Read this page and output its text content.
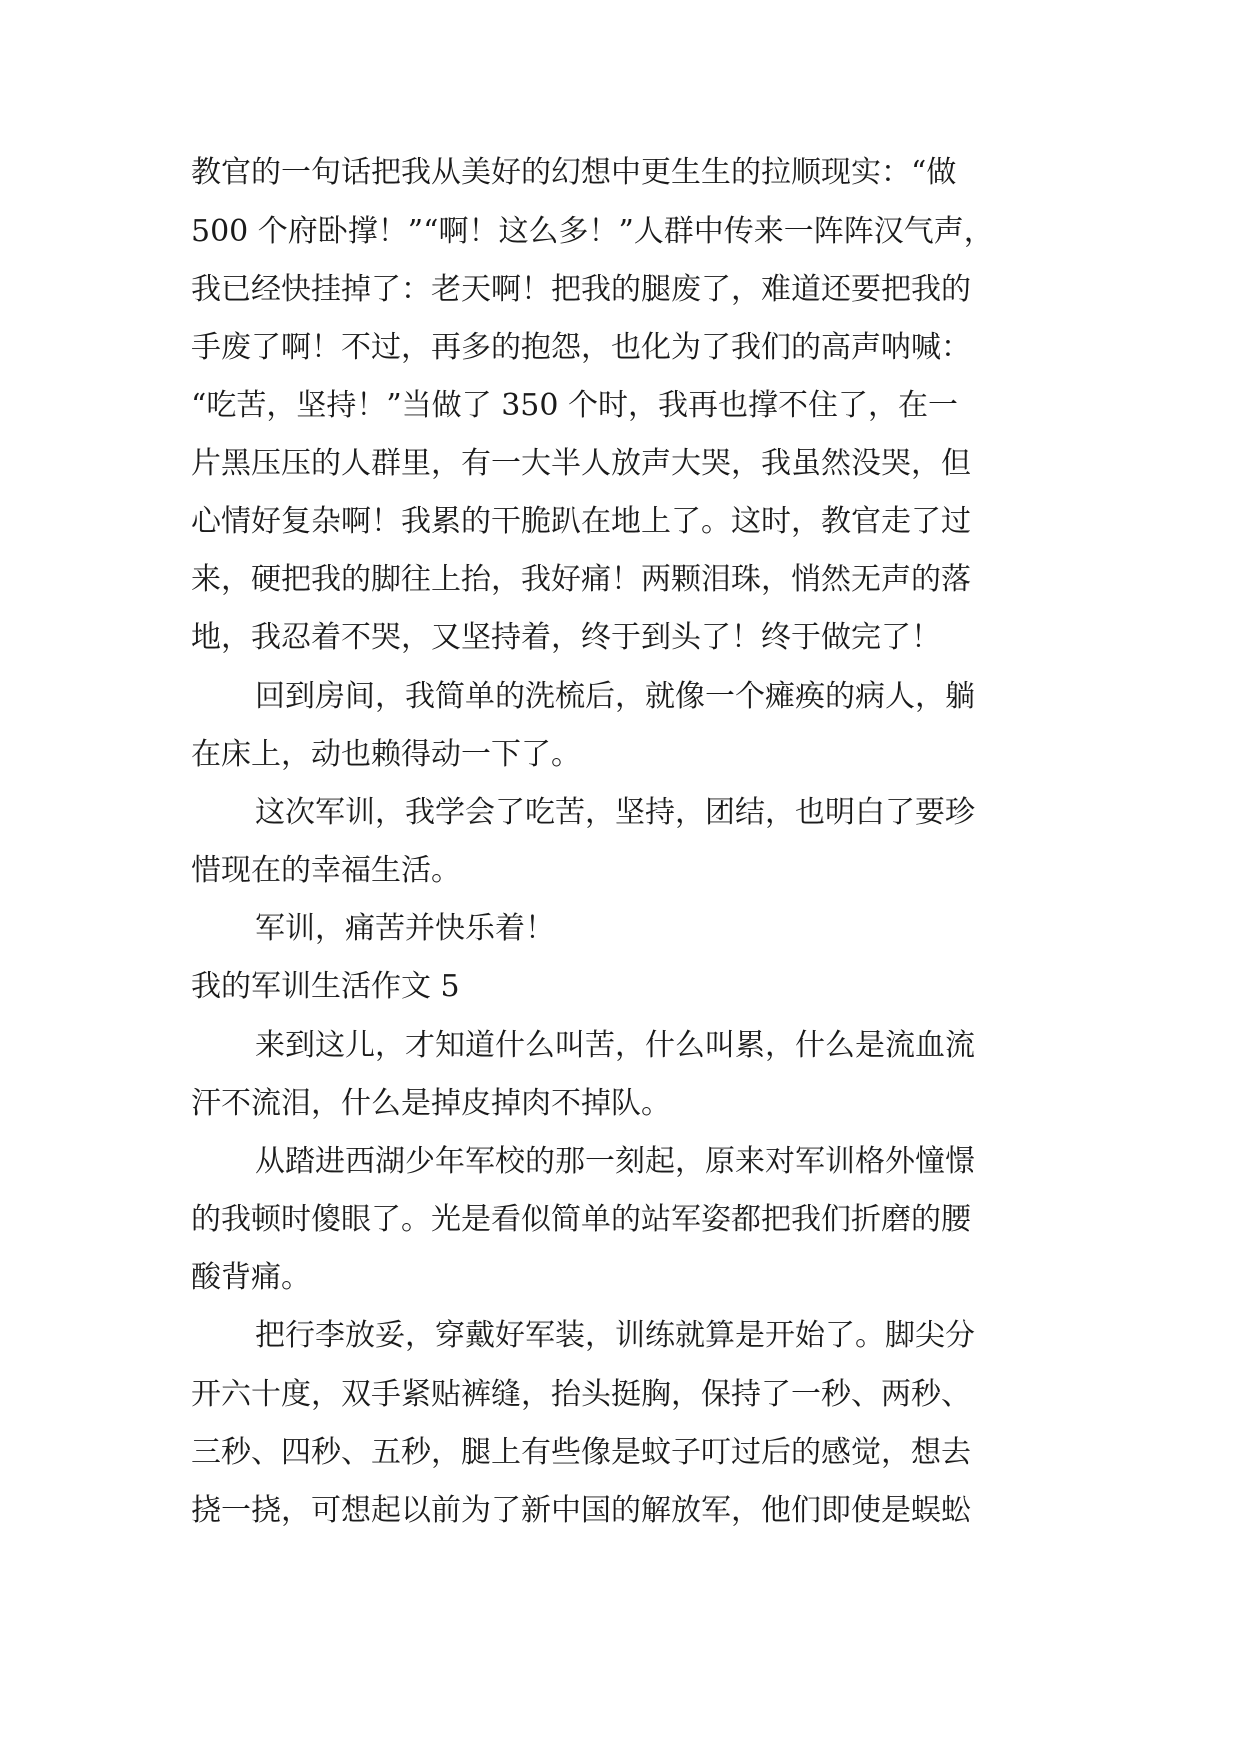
教官的一句话把我从美好的幻想中更生生的拉顺现实：“做
500 个府卧撑！”“啊！这么多！”人群中传来一阵阵汉气声，
我已经快挂掉了：老天啊！把我的腿废了，难道还要把我的
手废了啊！不过，再多的抱怨，也化为了我们的高声呐喊：
“吃苦，坚持！”当做了 350 个时，我再也撑不住了，在一
片黑压压的人群里，有一大半人放声大哭，我虽然没哭，但
心情好复杂啊！我累的干脆趴在地上了。这时，教官走了过
来，硬把我的脚往上抬，我好痛！两颗泪珠，悄然无声的落
地，我忍着不哭，又坚持着，终于到头了！终于做完了！
回到房间，我简单的洗梳后，就像一个瘫痪的病人，躺
在床上，动也赖得动一下了。
这次军训，我学会了吃苦，坚持，团结，也明白了要珍
惜现在的幸福生活。
军训，痛苦并快乐着！
我的军训生活作文 5
来到这儿，才知道什么叫苦，什么叫累，什么是流血流
汗不流泪，什么是掉皮掉肉不掉队。
从踏进西湖少年军校的那一刻起，原来对军训格外憧憬
的我顿时傻眼了。光是看似简单的站军姿都把我们折磨的腰
酸背痛。
把行李放妥，穿戴好军装，训练就算是开始了。脚尖分
开六十度，双手紧贴裤缝，抬头挺胸，保持了一秒、两秒、
三秒、四秒、五秒，腿上有些像是蚊子叮过后的感觉，想去
挠一挠，可想起以前为了新中国的解放军，他们即使是蜈蚣
